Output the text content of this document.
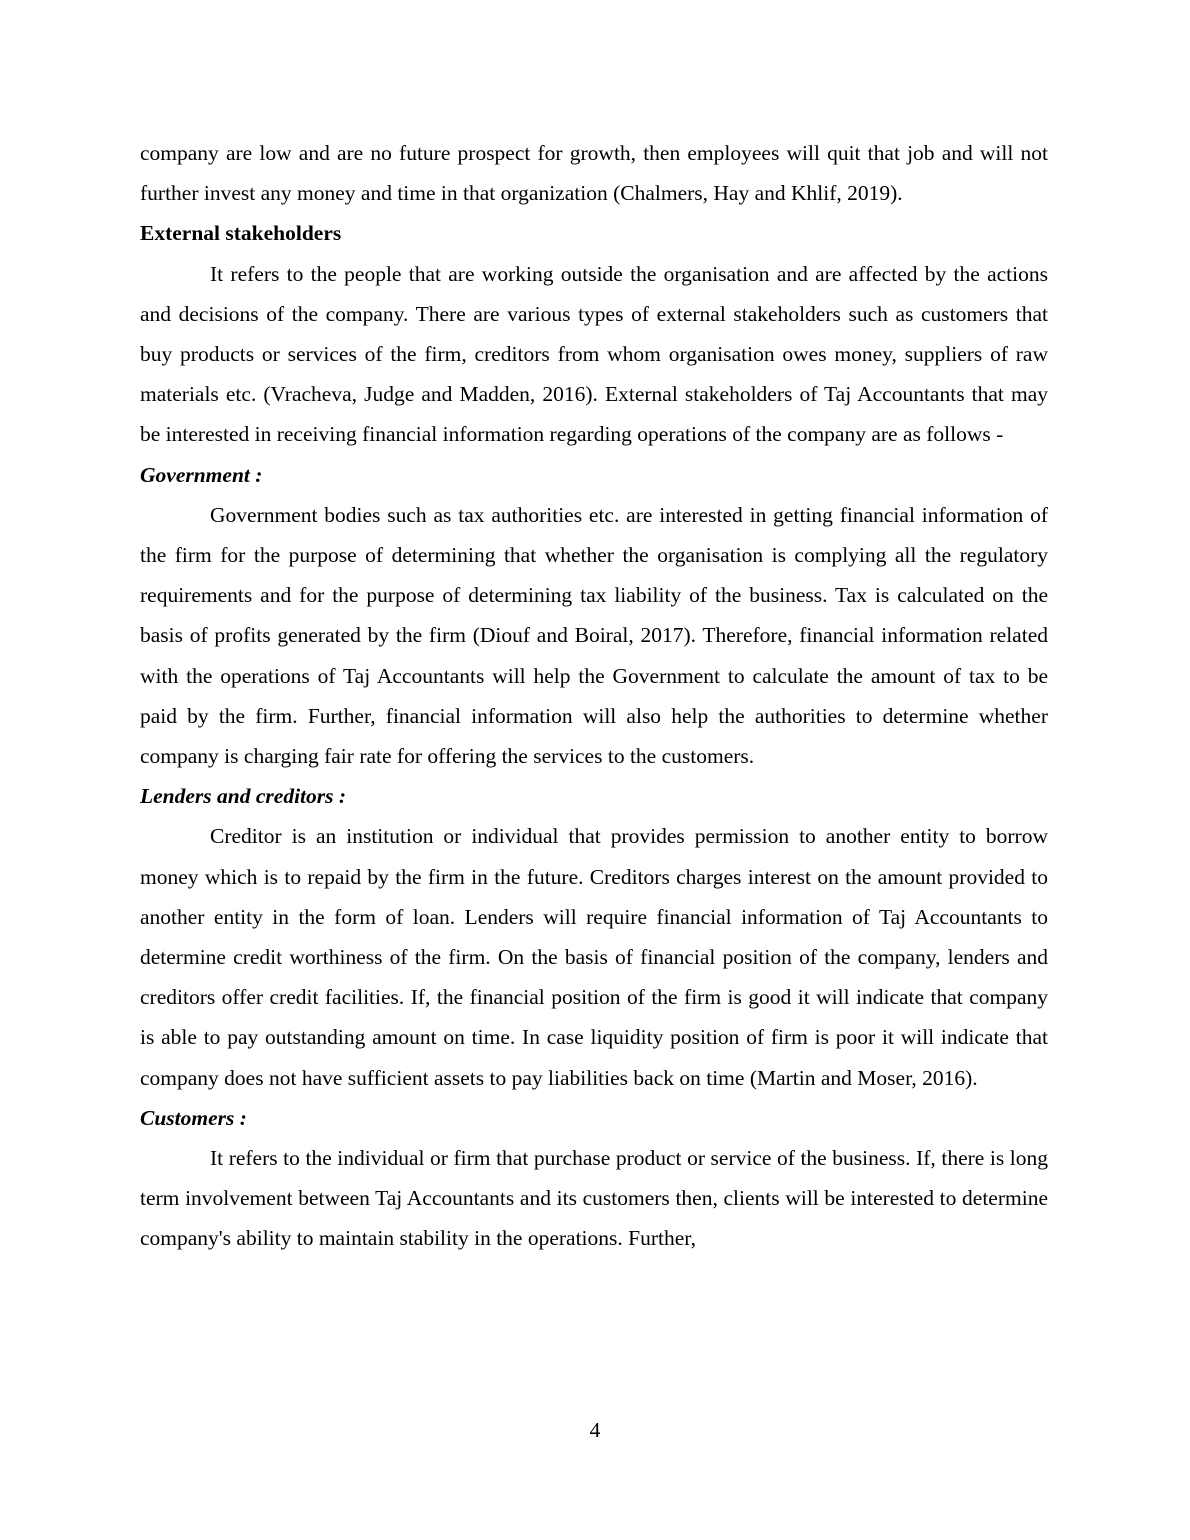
company are low and are no future prospect for growth, then employees will quit that job and will not further invest any money and time in that organization (Chalmers, Hay and Khlif, 2019).

External stakeholders

It refers to the people that are working outside the organisation and are affected by the actions and decisions of the company. There are various types of external stakeholders such as customers that buy products or services of the firm, creditors from whom organisation owes money, suppliers of raw materials etc. (Vracheva, Judge and Madden, 2016). External stakeholders of Taj Accountants that may be interested in receiving financial information regarding operations of the company are as follows -

Government :

Government bodies such as tax authorities etc. are interested in getting financial information of the firm for the purpose of determining that whether the organisation is complying all the regulatory requirements and for the purpose of determining tax liability of the business. Tax is calculated on the basis of profits generated by the firm (Diouf and Boiral, 2017). Therefore, financial information related with the operations of Taj Accountants will help the Government to calculate the amount of tax to be paid by the firm. Further, financial information will also help the authorities to determine whether company is charging fair rate for offering the services to the customers.

Lenders and creditors :

Creditor is an institution or individual that provides permission to another entity to borrow money which is to repaid by the firm in the future. Creditors charges interest on the amount provided to another entity in the form of loan. Lenders will require financial information of Taj Accountants to determine credit worthiness of the firm. On the basis of financial position of the company, lenders and creditors offer credit facilities. If, the financial position of the firm is good it will indicate that company is able to pay outstanding amount on time. In case liquidity position of firm is poor it will indicate that company does not have sufficient assets to pay liabilities back on time (Martin and Moser, 2016).

Customers :

It refers to the individual or firm that purchase product or service of the business. If, there is long term involvement between Taj Accountants and its customers then, clients will be interested to determine company's ability to maintain stability in the operations. Further,

4
